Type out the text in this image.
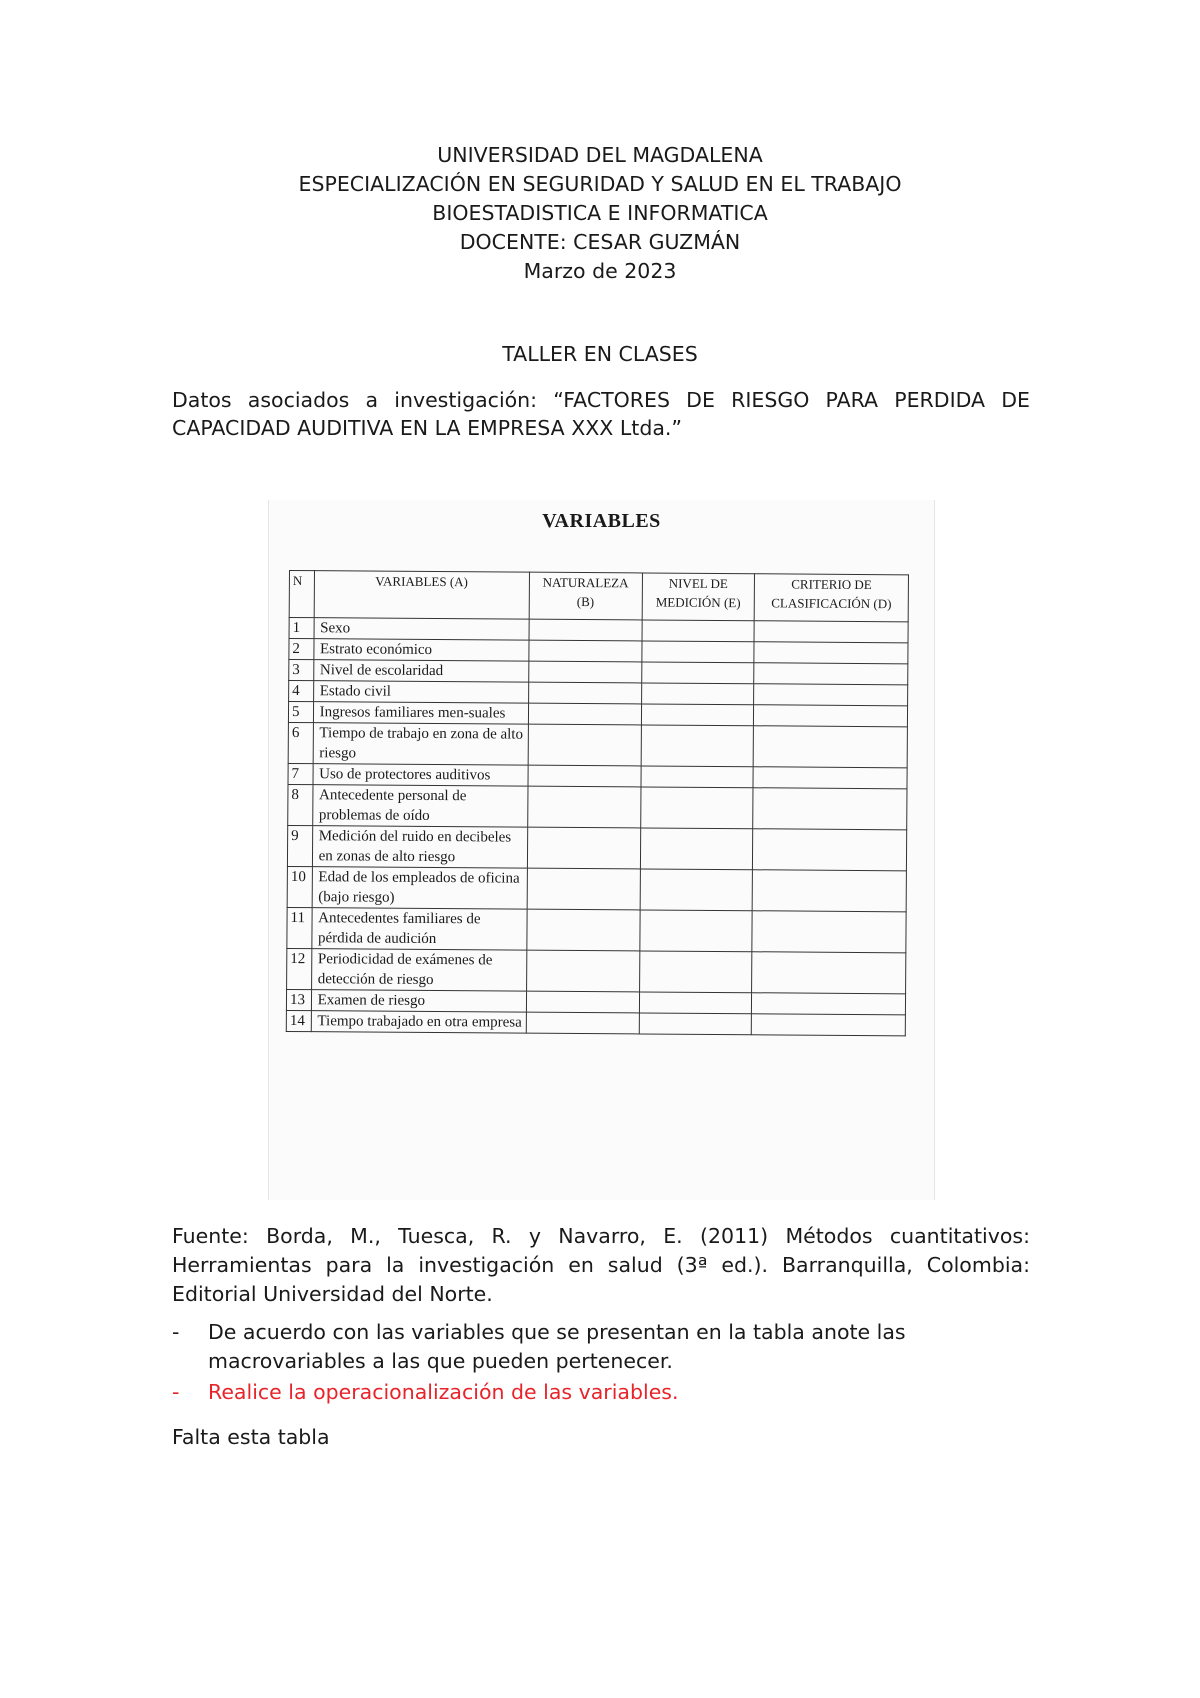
UNIVERSIDAD DEL MAGDALENA
ESPECIALIZACIÓN EN SEGURIDAD Y SALUD EN EL TRABAJO
BIOESTADISTICA E INFORMATICA
DOCENTE: CESAR GUZMÁN
Marzo de 2023
TALLER EN CLASES
Datos asociados a investigación: “FACTORES DE RIESGO PARA PERDIDA DE CAPACIDAD AUDITIVA EN LA EMPRESA XXX Ltda.”
VARIABLES
N	VARIABLES (A)	NATURALEZA (B)	NIVEL DE MEDICIÓN (E)	CRITERIO DE CLASIFICACIÓN (D)
1	Sexo			
2	Estrato económico			
3	Nivel de escolaridad			
4	Estado civil			
5	Ingresos familiares men-suales			
6	Tiempo de trabajo en zona de alto riesgo			
7	Uso de protectores auditivos			
8	Antecedente personal de problemas de oído			
9	Medición del ruido en decibeles en zonas de alto riesgo			
10	Edad de los empleados de oficina (bajo riesgo)			
11	Antecedentes familiares de pérdida de audición			
12	Periodicidad de exámenes de detección de riesgo			
13	Examen de riesgo			
14	Tiempo trabajado en otra empresa			
Fuente: Borda, M., Tuesca, R. y Navarro, E. (2011) Métodos cuantitativos: Herramientas para la investigación en salud (3ª ed.). Barranquilla, Colombia: Editorial Universidad del Norte.
- De acuerdo con las variables que se presentan en la tabla anote las macrovariables a las que pueden pertenecer.
- Realice la operacionalización de las variables.
Falta esta tabla
